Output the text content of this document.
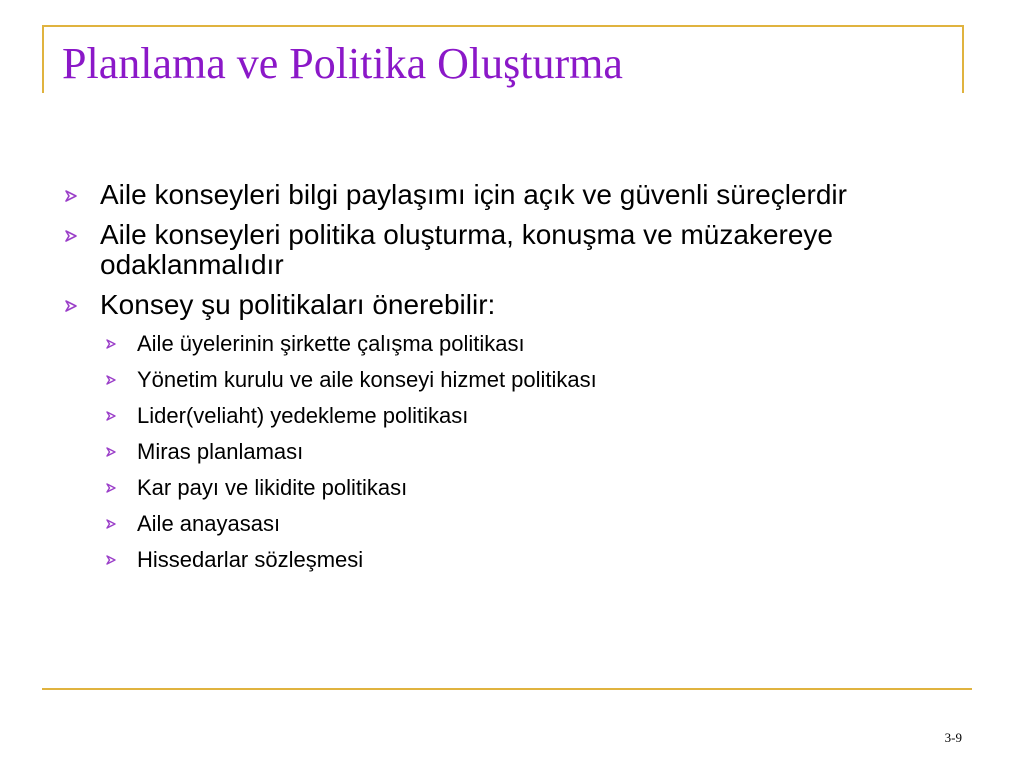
Planlama ve Politika Oluşturma
Aile konseyleri bilgi paylaşımı için açık ve güvenli süreçlerdir
Aile konseyleri politika oluşturma, konuşma ve müzakereye odaklanmalıdır
Konsey şu politikaları önerebilir:
Aile üyelerinin şirkette çalışma politikası
Yönetim kurulu ve aile konseyi hizmet politikası
Lider(veliaht) yedekleme politikası
Miras planlaması
Kar payı ve likidite politikası
Aile anayasası
Hissedarlar sözleşmesi
3-9
